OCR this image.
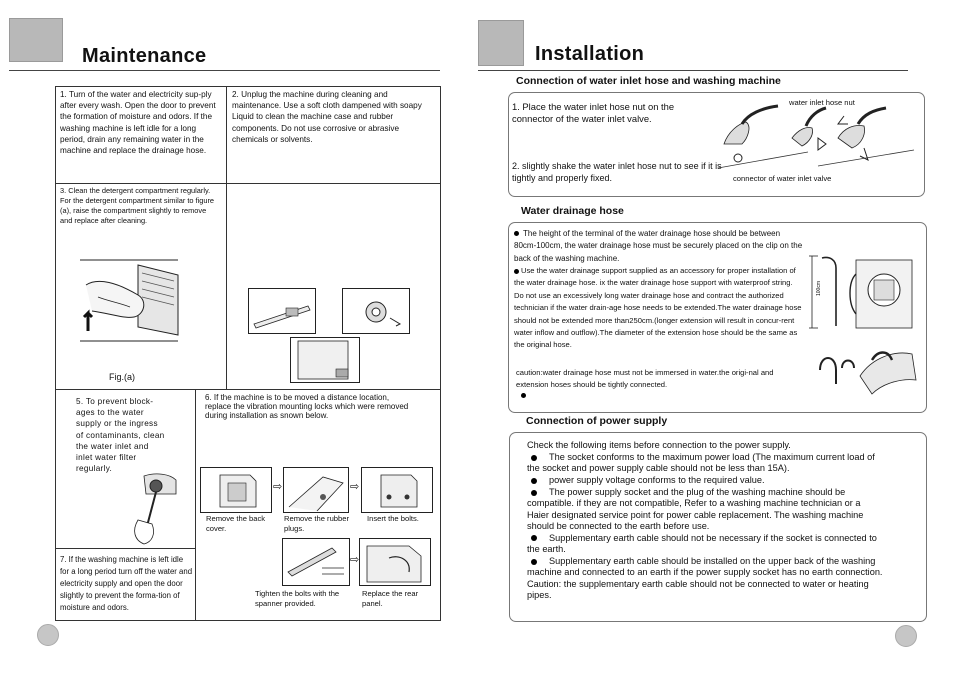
Maintenance
1. Turn of the water and electricity sup-ply after every wash. Open the door to prevent the formation of moisture and odors. If the washing machine is left idle for a long period, drain any remaining water in the machine and replace the drainage hose.
2. Unplug the machine during cleaning and maintenance. Use a soft cloth dampened with soapy Liquid to clean the machine case and rubber components. Do not use corrosive or abrasive chemicals or solvents.
3. Clean the detergent compartment regularly. For the detergent compartment similar to figure (a), raise the compartment slightly to remove and replace after cleaning.
Fig.(a)
5. To prevent block-ages to the water supply or the ingress of contaminants, clean the water inlet and inlet water filter regularly.
6. If the machine is to be moved a distance location, replace the vibration mounting locks which were removed during installation as snown below.
⇨	⇨
Remove the back cover.
Remove the rubber plugs.
Insert the bolts.
⇨
Tighten the bolts with the spanner provided.
Replace the rear panel.
7. If the washing machine is left idle for a long period turn off the water and electricity supply and open the door slightly to prevent the forma-tion of moisture and odors.
Installation
Connection of water inlet hose and washing machine
1. Place the water inlet hose nut on the connector of the water inlet valve.
2. slightly shake the water inlet hose nut to see if it is tightly and properly fixed.
water inlet hose nut
connector of water inlet valve
Water drainage hose
The height of the terminal of the water drainage hose should be between 80cm-100cm, the water drainage hose must be securely placed on the clip on the back of the washing machine.
Use the water drainage support supplied as an accessory for proper installation of the water drainage hose. ix the water drainage hose support with waterproof string. Do not use an excessively long water drainage hose and contract the authorized technician if the water drain-age hose needs to be extended.The water drainage hose should not be extended more than250cm.(longer extension will result in concur-rent water inflow and outflow).The diameter of the extension hose should be the same as the original hose.
caution:water drainage hose must not be immersed in water.the origi-nal and extension hoses should be tightly connected.
100cm
Connection of power supply
Check the following items before connection to the power supply.
The socket conforms to the maximum power load (The maximum current load of the socket and power supply cable should not be less than 15A).
power supply voltage conforms to the required value.
The power supply socket and the plug of the washing machine should be compatible. if they are not compatible, Refer to a washing machine technician or a Haier designated service point for power cable replacement. The washing machine should be connected to the earth before use.
Supplementary earth cable should not be necessary if the socket is connected to the earth.
Supplementary earth cable should be installed on the upper back of the washing machine and connected to an earth if the power supply socket has no earth connection.
Caution: the supplementary earth cable should not be connected to water or heating pipes.
